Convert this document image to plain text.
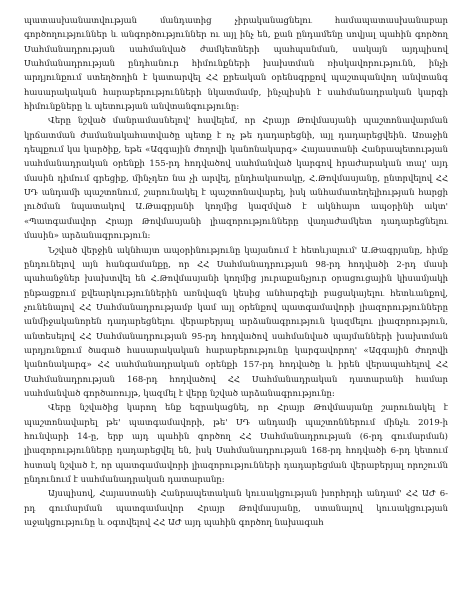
պատասխանատվության մանդատից չիրականացնելու համապատասխանաբար գործողություններ և անգործություններ ու այլ ինչ են, քան ընդամենը սովյալ պահին գործող Սահմանադրության սահմանված ժամկետների պահպանման, սակայն այդպիսով Սահմանադրության ընդհանուր հիմունքների խախտման ռիսկավորությունն, ինչի արդյունքում ստեղծողին է կատարվել ՀՀ քրեական օրենսգրքով պաշտպանվող անվտանգ հասարակական հարաբերությունների նկատմամբ, ինչպիսին է սահմանադրական կարգի հիմունքները և պետության անվտանգությունը:

Վերը նշված մանրամասնելով' հավելեմ, որ Հրայր Թովմասյանի պաշտոնավարման կրճատման ժամանակահատվածը պետք է ոչ թե դադարեցնի, այլ դադարեցվեին. Առաջին դեպքում կա կարծիք, եթե «Ազգային ժողովի կանոնակարգ» Հայաստանի Հանրապետության սահմանադրական օրենքի 155-րդ հոդվածով սահմանված կարգով հրաժարական տալ' այդ մասին դիմում գրեցիք, մինչդեռ նա չի արվել, ընդհակառակը, Հ.Թովմասյանը, ընտրվելով ՀՀ ՍԴ անդամի պաշտոնում, շարունակել է պաշտոնավարել, իսկ անհամատեղելիության հարցի լուծման նպատակով Ա.Թագրյանի կողմից կազմված է ակնհայտ ապօրինի ակտ' «Պատգամավոր Հրայր Թովմասյանի լիազորությունները վաղաժամկետ դադարեցնելու մասին» արձանագրություն:

Նշված վերջին ակնհայտ ապօրինությունը կայանում է հետևյալում' Ա.Թագրյանը, հիմք ընդունելով այն հանգամանքը, որ ՀՀ Սահմանադրության 98-րդ հոդվածի 2-րդ մասի պահանջներ խախտվել են Հ.Թովմասյանի կողմից յուրաքանչյուր օրացուցային կիսամյակի ընթացքում քվեարկություններին առնվազն կեսից անհարգելի բացակայելու հետևանքով, չունենալով ՀՀ Սահմանադրությամբ կամ այլ օրենքով պատգամավորի լիազորությունները անմիջականորեն դադարեցնելու վերաբերյալ արձանագրություն կազմելու լիազորություն, անտեսելով ՀՀ Սահմանադրության 95-րդ հոդվածով սահմանված պայմանների խախտման արդյունքում ծագած հասարակական հարաբերությունը կարգավորող' «Ազգային ժողովի կանոնակարգ» ՀՀ սահմանադրական օրենքի 157-րդ հոդվածը և իրեն վերապահելով ՀՀ Սահմանադրության 168-րդ հոդվածով ՀՀ Սահմանադրական դատարանի համար սահմանված գործառույթ, կազմել է վերը նշված արձանագրությունը:

Վերը նշվածից կարող ենք եզրակացնել, որ Հրայր Թովմասյանը շարունակել է պաշտոնավարել թե' պատգամավորի, թե' ՍԴ անդամի պաշտոններում մինչև 2019-ի հունվարի 14-ը, երբ այդ պահին գործող ՀՀ Սահմանադրության (6-րդ գումարման) լիազորությունները դադարեցվել են, իսկ Սահմանադրության 168-րդ հոդվածի 6-րդ կետում հստակ նշված է, որ պատգամավորի լիազորությունների դադարեցման վերաբերյալ որոշումն ընդունում է սահմանադրական դատարանը:

Այսպիսով, Հայաստանի Հանրապետական կուսակցության խորհրդի անդամ' ՀՀ ԱԺ 6-րդ գումարման պատգամավոր Հրայր Թովմասյանը, ստանալով կուսակցության աջակցությունը և օգտվելով ՀՀ ԱԺ այդ պահին գործող նախագահ
